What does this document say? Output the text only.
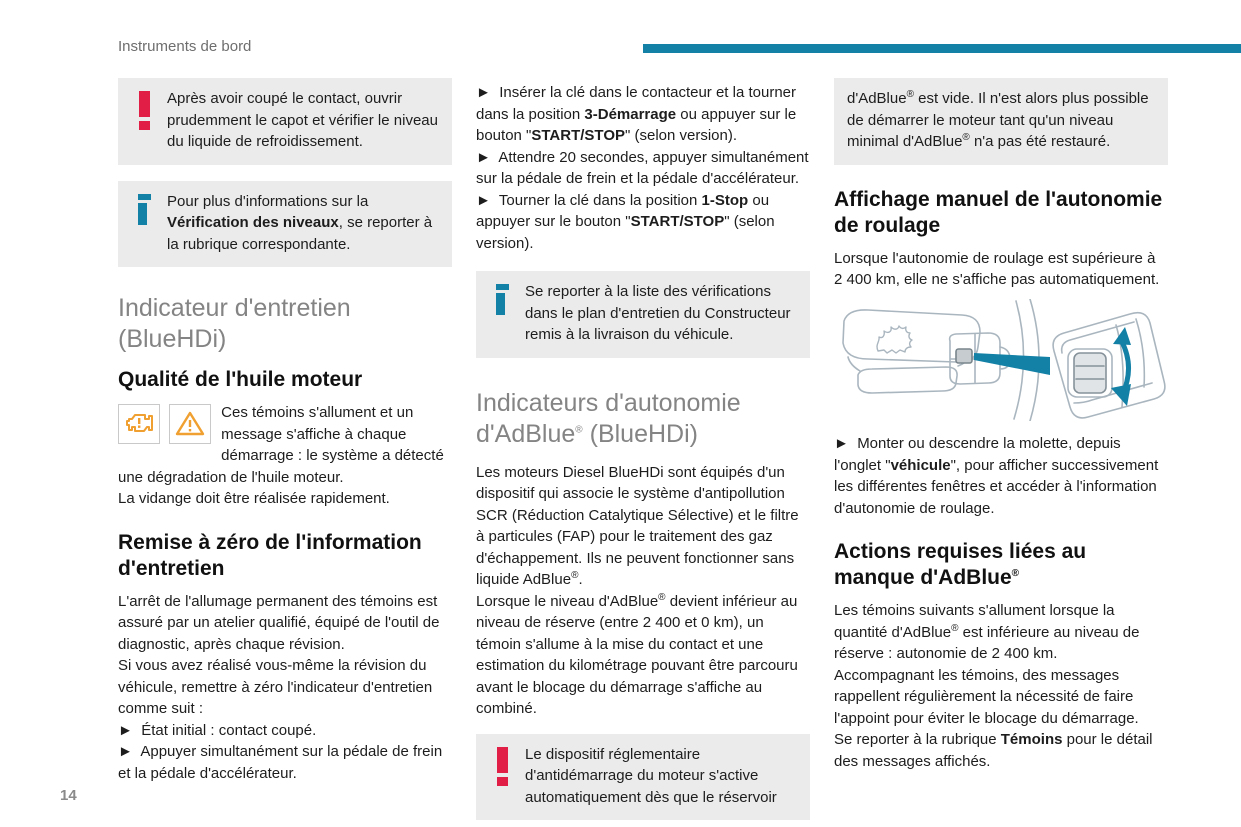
Instruments de bord

Après avoir coupé le contact, ouvrir prudemment le capot et vérifier le niveau du liquide de refroidissement.

Pour plus d'informations sur la Vérification des niveaux, se reporter à la rubrique correspondante.

Indicateur d'entretien (BlueHDi)
Qualité de l'huile moteur

Ces témoins s'allument et un message s'affiche à chaque démarrage : le système a détecté une dégradation de l'huile moteur.

La vidange doit être réalisée rapidement.

Remise à zéro de l'information d'entretien

L'arrêt de l'allumage permanent des témoins est assuré par un atelier qualifié, équipé de l'outil de diagnostic, après chaque révision.

Si vous avez réalisé vous-même la révision du véhicule, remettre à zéro l'indicateur d'entretien comme suit :

►  État initial : contact coupé.

►  Appuyer simultanément sur la pédale de frein et la pédale d'accélérateur.

►  Insérer la clé dans le contacteur et la tourner dans la position 3-Démarrage ou appuyer sur le bouton "START/STOP" (selon version).

►  Attendre 20 secondes, appuyer simultanément sur la pédale de frein et la pédale d'accélérateur.

►  Tourner la clé dans la position 1-Stop ou appuyer sur le bouton "START/STOP" (selon version).

Se reporter à la liste des vérifications dans le plan d'entretien du Constructeur remis à la livraison du véhicule.

Indicateurs d'autonomie d'AdBlue® (BlueHDi)

Les moteurs Diesel BlueHDi sont équipés d'un dispositif qui associe le système d'antipollution SCR (Réduction Catalytique Sélective) et le filtre à particules (FAP) pour le traitement des gaz d'échappement. Ils ne peuvent fonctionner sans liquide AdBlue®.

Lorsque le niveau d'AdBlue® devient inférieur au niveau de réserve (entre 2 400 et 0 km), un témoin s'allume à la mise du contact et une estimation du kilométrage pouvant être parcouru avant le blocage du démarrage s'affiche au combiné.

Le dispositif réglementaire d'antidémarrage du moteur s'active automatiquement dès que le réservoir

d'AdBlue® est vide. Il n'est alors plus possible de démarrer le moteur tant qu'un niveau minimal d'AdBlue® n'a pas été restauré.

Affichage manuel de l'autonomie de roulage

Lorsque l'autonomie de roulage est supérieure à 2 400 km, elle ne s'affiche pas automatiquement.

►  Monter ou descendre la molette, depuis l'onglet "véhicule", pour afficher successivement les différentes fenêtres et accéder à l'information d'autonomie de roulage.

Actions requises liées au manque d'AdBlue®

Les témoins suivants s'allument lorsque la quantité d'AdBlue® est inférieure au niveau de réserve : autonomie de 2 400 km.

Accompagnant les témoins, des messages rappellent régulièrement la nécessité de faire l'appoint pour éviter le blocage du démarrage.

Se reporter à la rubrique Témoins pour le détail des messages affichés.

14
